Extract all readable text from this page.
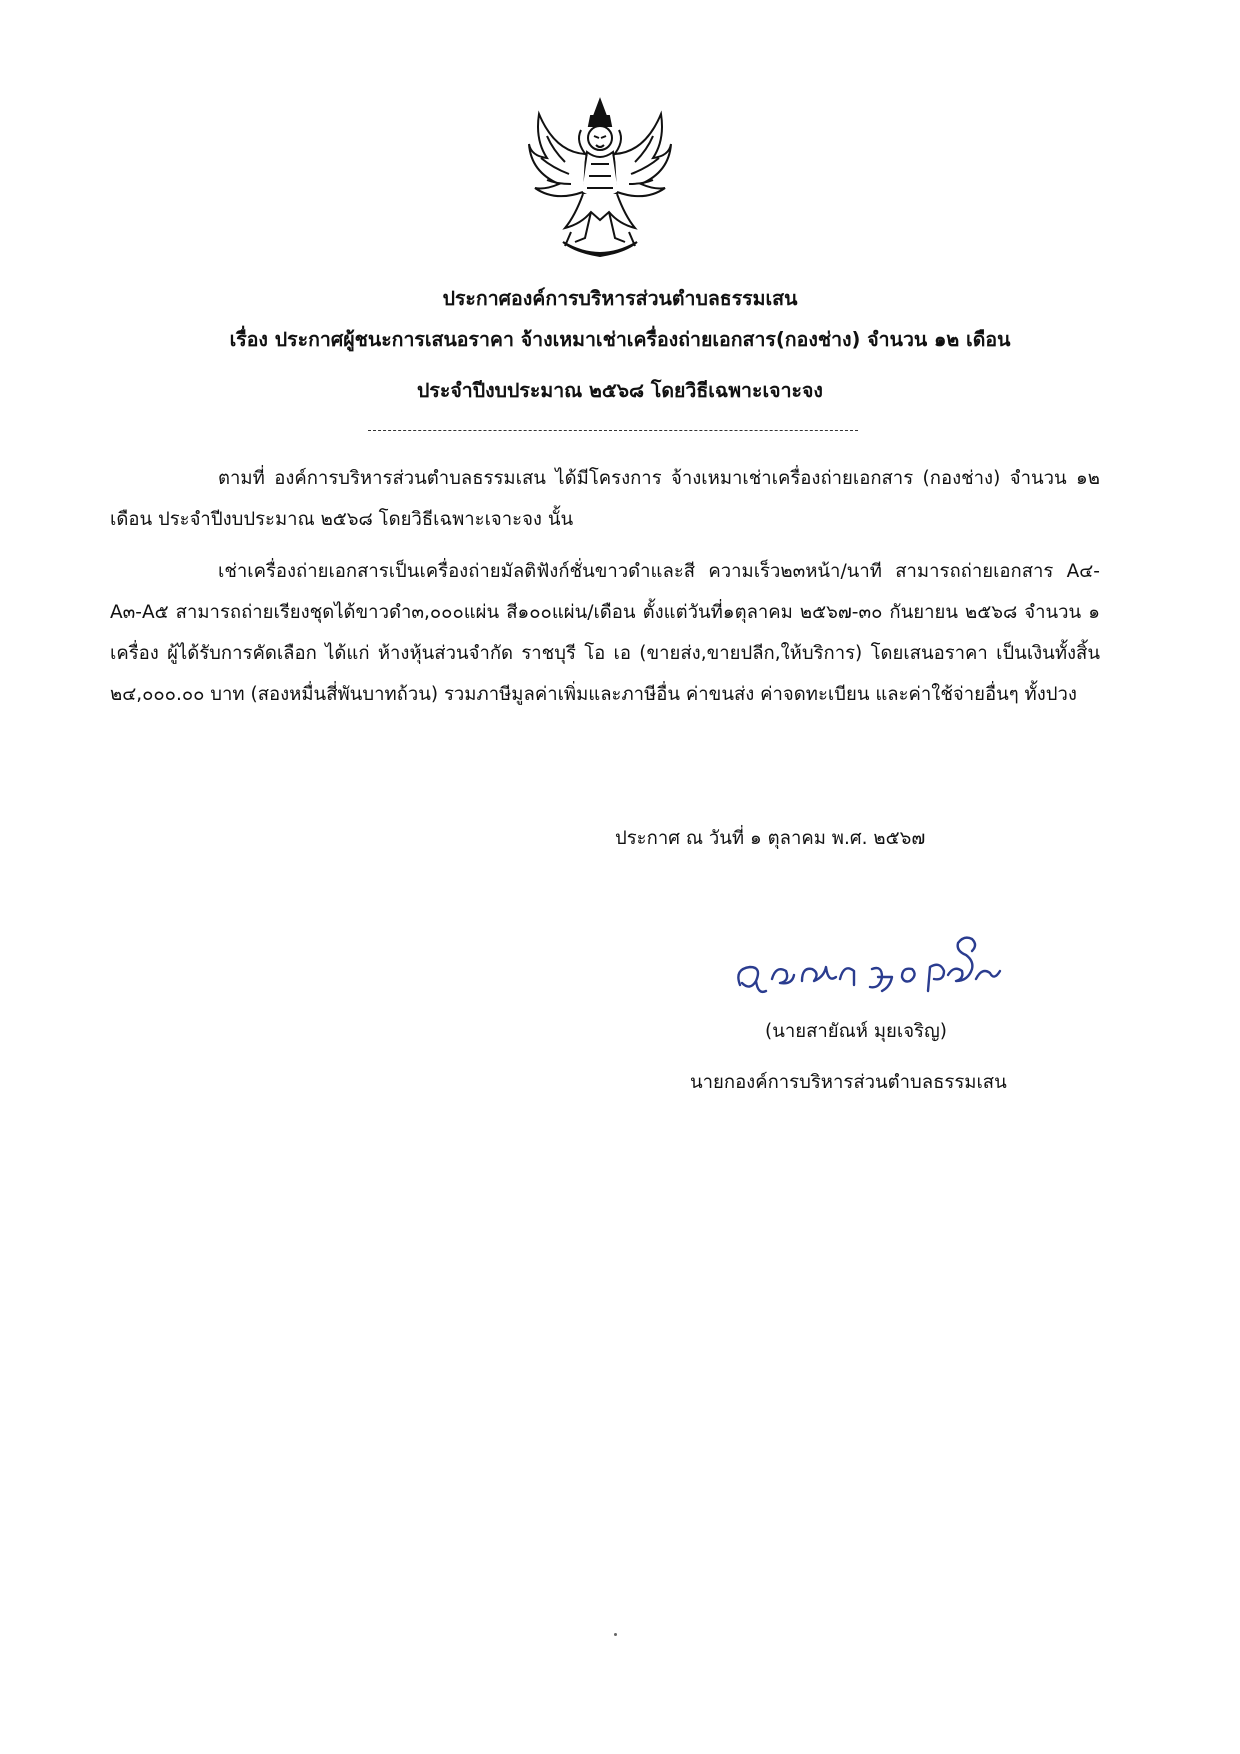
ประกาศองค์การบริหารส่วนตำบลธรรมเสน
เรื่อง ประกาศผู้ชนะการเสนอราคา จ้างเหมาเช่าเครื่องถ่ายเอกสาร(กองช่าง) จำนวน ๑๒ เดือน
ประจำปีงบประมาณ ๒๕๖๘ โดยวิธีเฉพาะเจาะจง

ตามที่ องค์การบริหารส่วนตำบลธรรมเสน ได้มีโครงการ จ้างเหมาเช่าเครื่องถ่ายเอกสาร (กองช่าง) จำนวน ๑๒ เดือน ประจำปีงบประมาณ ๒๕๖๘ โดยวิธีเฉพาะเจาะจง นั้น

เช่าเครื่องถ่ายเอกสารเป็นเครื่องถ่ายมัลติฟังก์ชั่นขาวดำและสี ความเร็ว๒๓หน้า/นาที สามารถถ่ายเอกสาร A๔-A๓-A๕ สามารถถ่ายเรียงชุดได้ขาวดำ๓,๐๐๐แผ่น สี๑๐๐แผ่น/เดือน ตั้งแต่วันที่๑ตุลาคม ๒๕๖๗-๓๐ กันยายน ๒๕๖๘ จำนวน ๑ เครื่อง ผู้ได้รับการคัดเลือก ได้แก่ ห้างหุ้นส่วนจำกัด ราชบุรี โอ เอ (ขายส่ง,ขายปลีก,ให้บริการ) โดยเสนอราคา เป็นเงินทั้งสิ้น ๒๔,๐๐๐.๐๐ บาท (สองหมื่นสี่พันบาทถ้วน) รวมภาษีมูลค่าเพิ่มและภาษีอื่น ค่าขนส่ง ค่าจดทะเบียน และค่าใช้จ่ายอื่นๆ ทั้งปวง

ประกาศ ณ วันที่ ๑ ตุลาคม พ.ศ. ๒๕๖๗
(นายสายัณห์ มุยเจริญ)
นายกองค์การบริหารส่วนตำบลธรรมเสน
